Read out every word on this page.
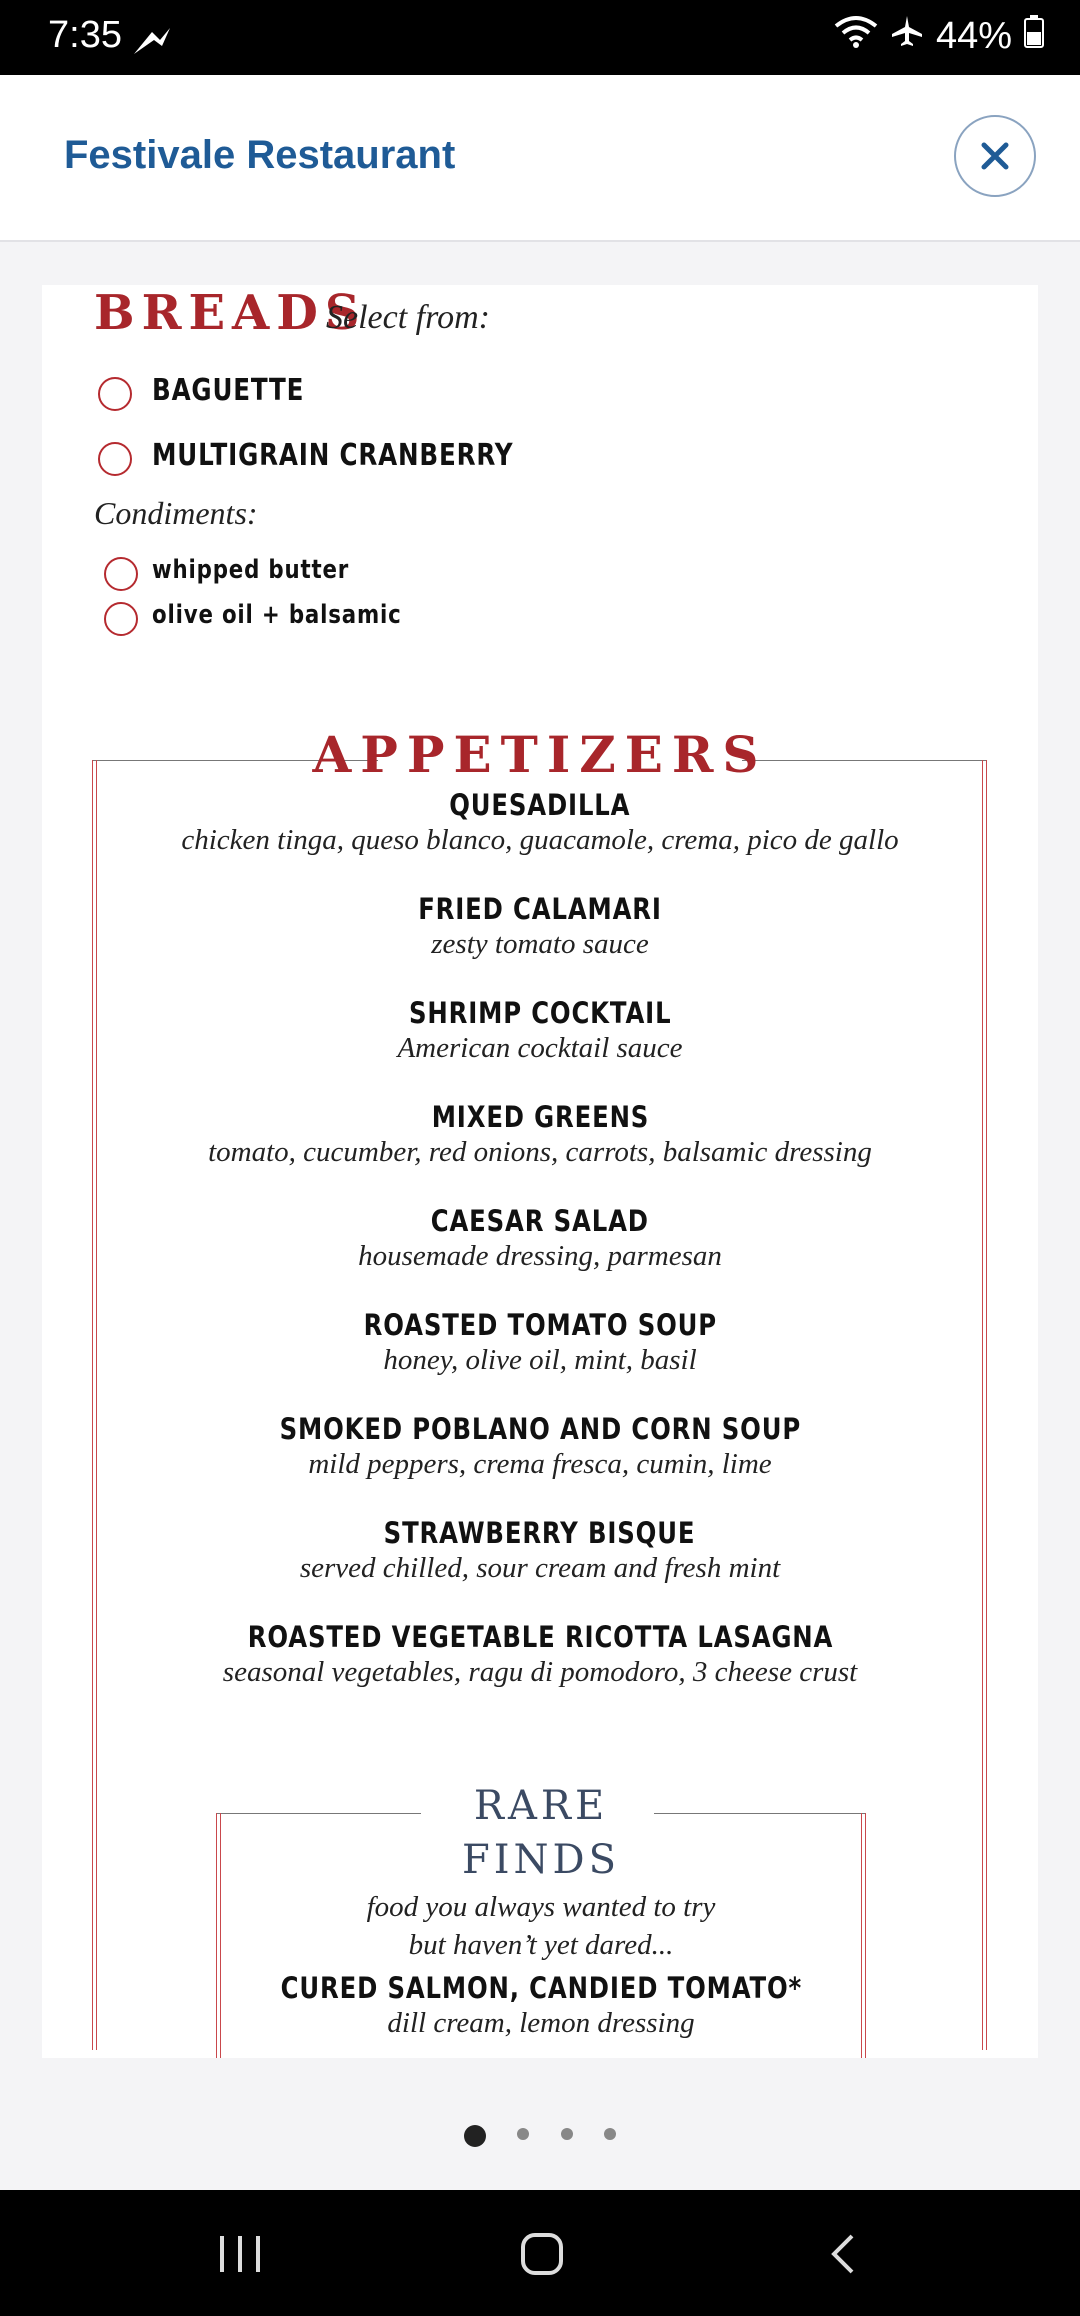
7:35	44%
Festivale Restaurant
BREADS
Select from:
BAGUETTE
MULTIGRAIN CRANBERRY
Condiments:
whipped butter
olive oil + balsamic
APPETIZERS
QUESADILLA
chicken tinga, queso blanco, guacamole, crema, pico de gallo
FRIED CALAMARI
zesty tomato sauce
SHRIMP COCKTAIL
American cocktail sauce
MIXED GREENS
tomato, cucumber, red onions, carrots, balsamic dressing
CAESAR SALAD
housemade dressing, parmesan
ROASTED TOMATO SOUP
honey, olive oil, mint, basil
SMOKED POBLANO AND CORN SOUP
mild peppers, crema fresca, cumin, lime
STRAWBERRY BISQUE
served chilled, sour cream and fresh mint
ROASTED VEGETABLE RICOTTA LASAGNA
seasonal vegetables, ragu di pomodoro, 3 cheese crust
RARE
FINDS
food you always wanted to try
but haven’t yet dared...
CURED SALMON, CANDIED TOMATO*
dill cream, lemon dressing
